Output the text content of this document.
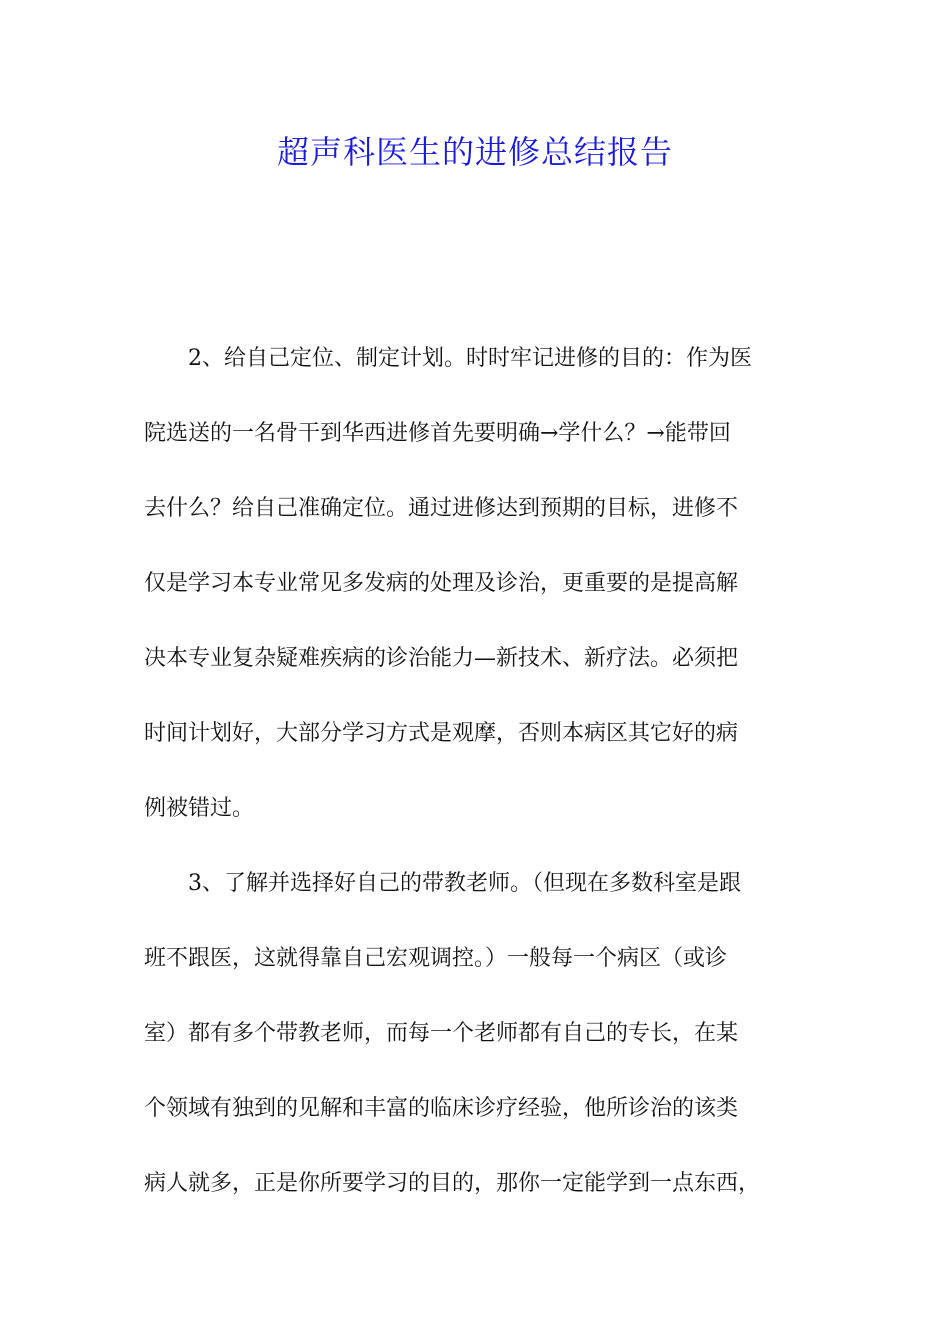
超声科医生的进修总结报告
2、给自己定位、制定计划。时时牢记进修的目的：作为医
院选送的一名骨干到华西进修首先要明确→学什么？→能带回
去什么？给自己准确定位。通过进修达到预期的目标，进修不
仅是学习本专业常见多发病的处理及诊治，更重要的是提高解
决本专业复杂疑难疾病的诊治能力—新技术、新疗法。必须把
时间计划好，大部分学习方式是观摩，否则本病区其它好的病
例被错过。
3、了解并选择好自己的带教老师。（但现在多数科室是跟
班不跟医，这就得靠自己宏观调控。）一般每一个病区（或诊
室）都有多个带教老师，而每一个老师都有自己的专长，在某
个领域有独到的见解和丰富的临床诊疗经验，他所诊治的该类
病人就多，正是你所要学习的目的，那你一定能学到一点东西，
